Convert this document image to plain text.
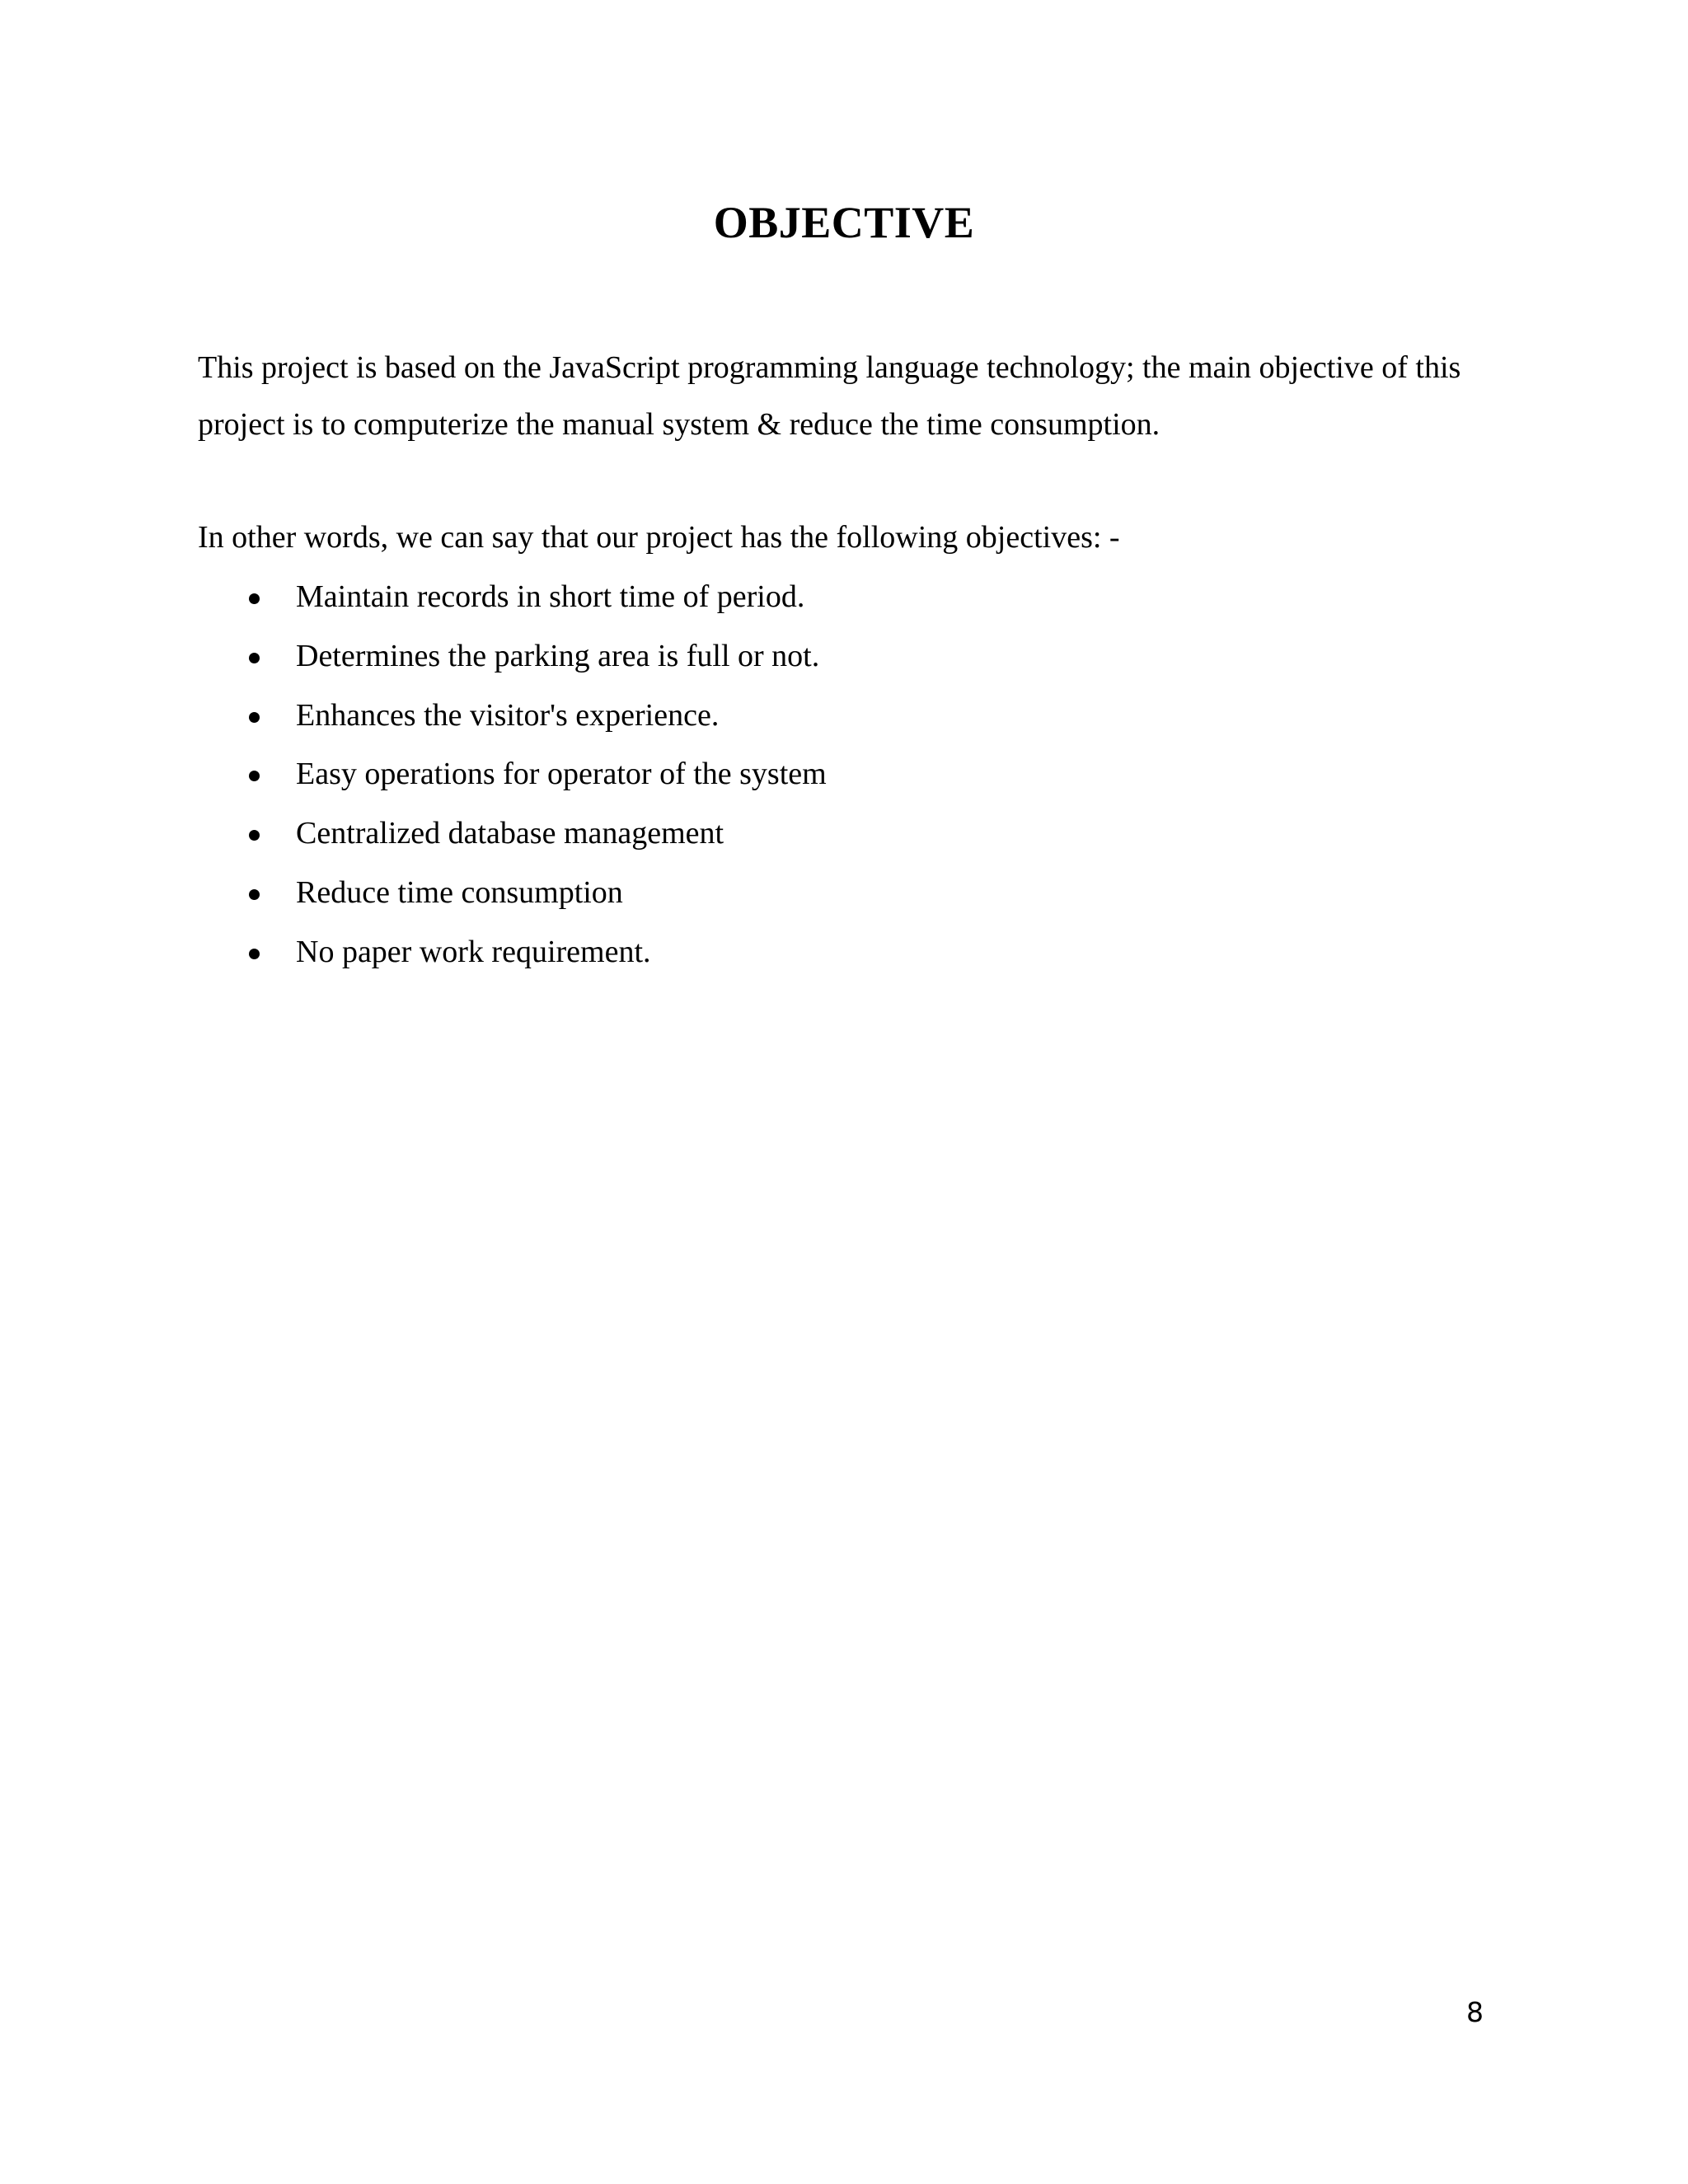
OBJECTIVE

This project is based on the JavaScript programming language technology; the main objective of this project is to computerize the manual system & reduce the time consumption.

In other words, we can say that our project has the following objectives: -

Maintain records in short time of period.
Determines the parking area is full or not.
Enhances the visitor's experience.
Easy operations for operator of the system
Centralized database management
Reduce time consumption
No paper work requirement.
8
